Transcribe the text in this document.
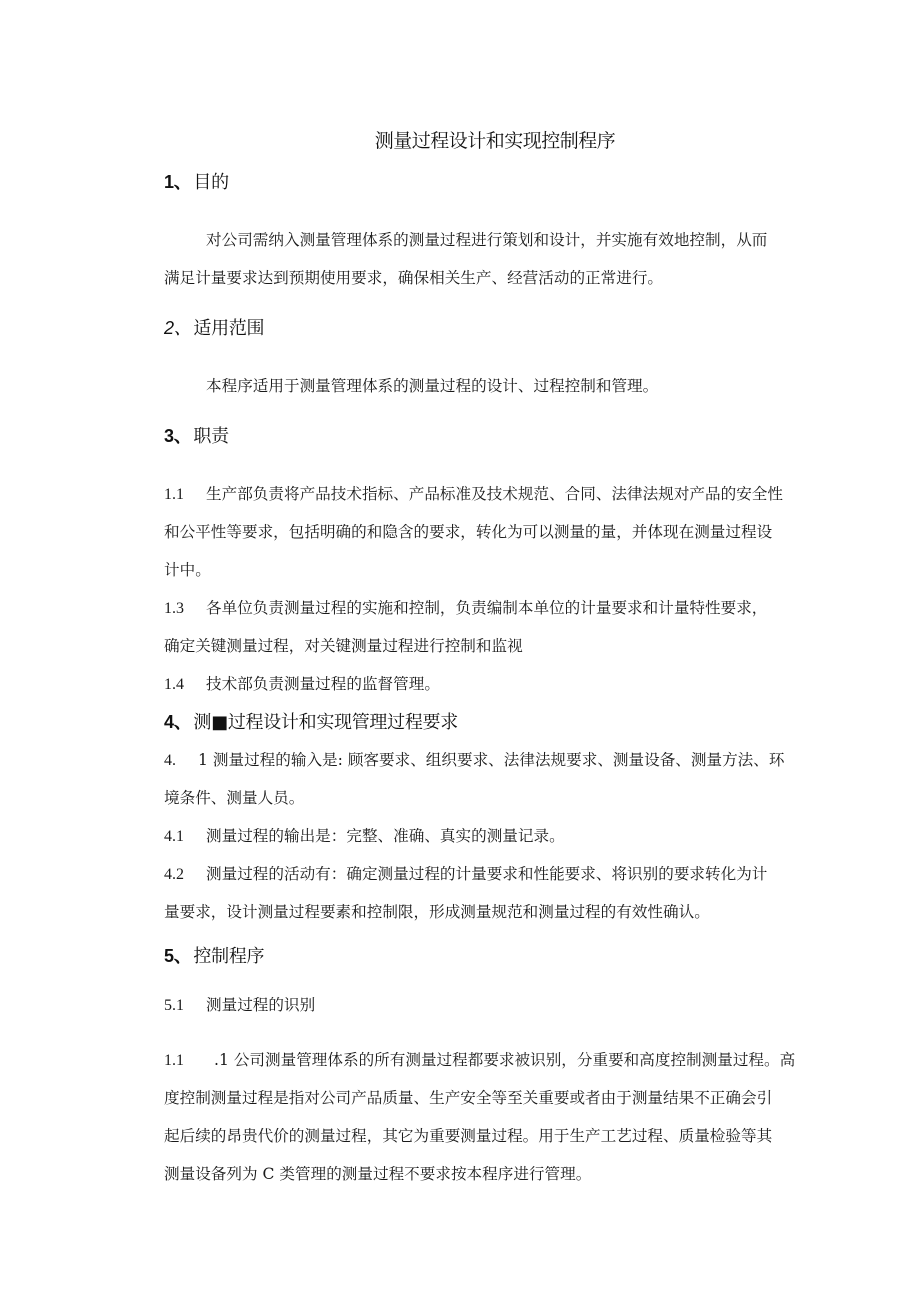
测量过程设计和实现控制程序
1、 目的
对公司需纳入测量管理体系的测量过程进行策划和设计，并实施有效地控制，从而
满足计量要求达到预期使用要求，确保相关生产、经营活动的正常进行。
2、 适用范围
本程序适用于测量管理体系的测量过程的设计、过程控制和管理。
3、 职责
1.1 生产部负责将产品技术指标、产品标准及技术规范、合同、法律法规对产品的安全性
和公平性等要求，包括明确的和隐含的要求，转化为可以测量的量，并体现在测量过程设
计中。
1.3 各单位负责测量过程的实施和控制，负责编制本单位的计量要求和计量特性要求，
确定关键测量过程，对关键测量过程进行控制和监视
1.4 技术部负责测量过程的监督管理。
4、 测■过程设计和实现管理过程要求
4. 1 测量过程的输入是: 顾客要求、组织要求、法律法规要求、测量设备、测量方法、环
境条件、测量人员。
4.1 测量过程的输出是：完整、准确、真实的测量记录。
4.2 测量过程的活动有：确定测量过程的计量要求和性能要求、将识别的要求转化为计
量要求，设计测量过程要素和控制限，形成测量规范和测量过程的有效性确认。
5、 控制程序
5.1 测量过程的识别
1.1 .1 公司测量管理体系的所有测量过程都要求被识别，分重要和高度控制测量过程。高
度控制测量过程是指对公司产品质量、生产安全等至关重要或者由于测量结果不正确会引
起后续的昂贵代价的测量过程，其它为重要测量过程。用于生产工艺过程、质量检验等其
测量设备列为 C 类管理的测量过程不要求按本程序进行管理。
